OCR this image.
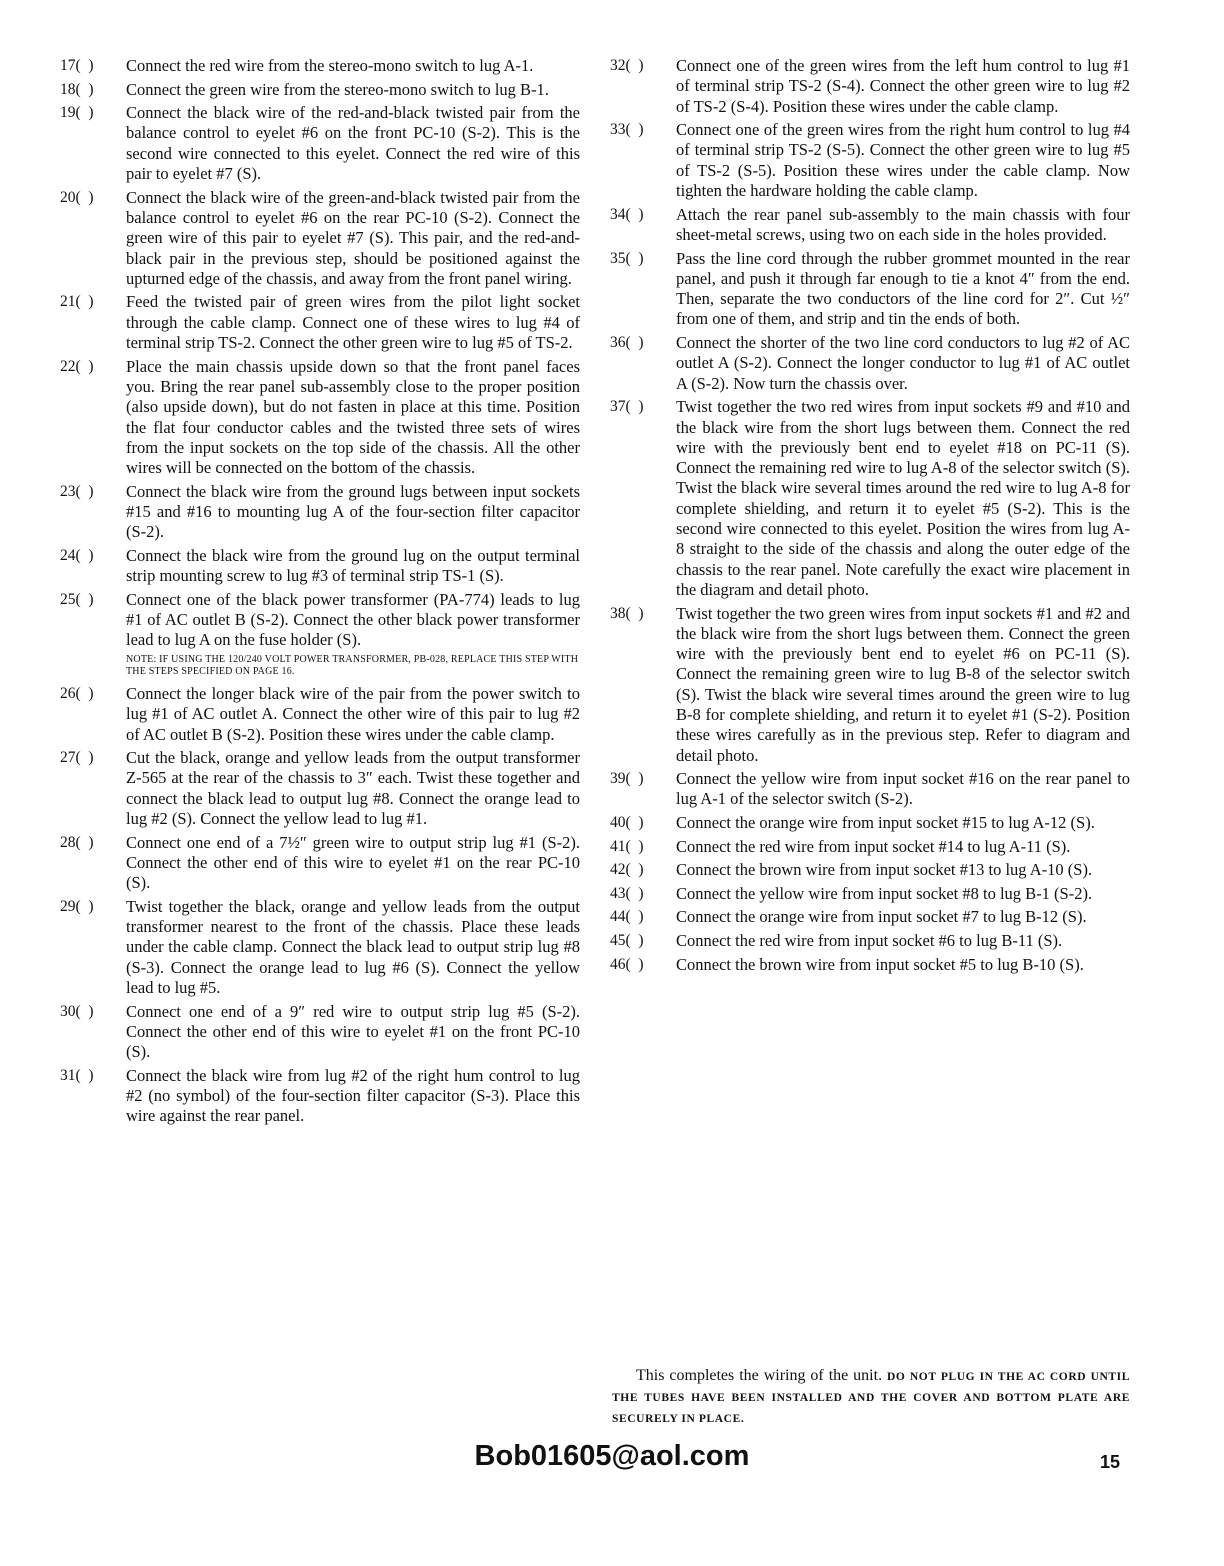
17(  )	Connect the red wire from the stereo-mono switch to lug A-1.
18(  )	Connect the green wire from the stereo-mono switch to lug B-1.
19(  )	Connect the black wire of the red-and-black twisted pair from the balance control to eyelet #6 on the front PC-10 (S-2). This is the second wire connected to this eyelet. Connect the red wire of this pair to eyelet #7 (S).
20(  )	Connect the black wire of the green-and-black twisted pair from the balance control to eyelet #6 on the rear PC-10 (S-2). Connect the green wire of this pair to eyelet #7 (S). This pair, and the red-and-black pair in the previous step, should be positioned against the upturned edge of the chassis, and away from the front panel wiring.
21(  )	Feed the twisted pair of green wires from the pilot light socket through the cable clamp. Connect one of these wires to lug #4 of terminal strip TS-2. Connect the other green wire to lug #5 of TS-2.
22(  )	Place the main chassis upside down so that the front panel faces you. Bring the rear panel sub-assembly close to the proper position (also upside down), but do not fasten in place at this time. Position the flat four conductor cables and the twisted three sets of wires from the input sockets on the top side of the chassis. All the other wires will be connected on the bottom of the chassis.
23(  )	Connect the black wire from the ground lugs between input sockets #15 and #16 to mounting lug A of the four-section filter capacitor (S-2).
24(  )	Connect the black wire from the ground lug on the output terminal strip mounting screw to lug #3 of terminal strip TS-1 (S).
25(  )	Connect one of the black power transformer (PA-774) leads to lug #1 of AC outlet B (S-2). Connect the other black power transformer lead to lug A on the fuse holder (S).
NOTE: IF USING THE 120/240 VOLT POWER TRANSFORMER, PB-028, REPLACE THIS STEP WITH THE STEPS SPECIFIED ON PAGE 16.
26(  )	Connect the longer black wire of the pair from the power switch to lug #1 of AC outlet A. Connect the other wire of this pair to lug #2 of AC outlet B (S-2). Position these wires under the cable clamp.
27(  )	Cut the black, orange and yellow leads from the output transformer Z-565 at the rear of the chassis to 3″ each. Twist these together and connect the black lead to output lug #8. Connect the orange lead to lug #2 (S). Connect the yellow lead to lug #1.
28(  )	Connect one end of a 7½″ green wire to output strip lug #1 (S-2). Connect the other end of this wire to eyelet #1 on the rear PC-10 (S).
29(  )	Twist together the black, orange and yellow leads from the output transformer nearest to the front of the chassis. Place these leads under the cable clamp. Connect the black lead to output strip lug #8 (S-3). Connect the orange lead to lug #6 (S). Connect the yellow lead to lug #5.
30(  )	Connect one end of a 9″ red wire to output strip lug #5 (S-2). Connect the other end of this wire to eyelet #1 on the front PC-10 (S).
31(  )	Connect the black wire from lug #2 of the right hum control to lug #2 (no symbol) of the four-section filter capacitor (S-3). Place this wire against the rear panel.
32(  )	Connect one of the green wires from the left hum control to lug #1 of terminal strip TS-2 (S-4). Connect the other green wire to lug #2 of TS-2 (S-4). Position these wires under the cable clamp.
33(  )	Connect one of the green wires from the right hum control to lug #4 of terminal strip TS-2 (S-5). Connect the other green wire to lug #5 of TS-2 (S-5). Position these wires under the cable clamp. Now tighten the hardware holding the cable clamp.
34(  )	Attach the rear panel sub-assembly to the main chassis with four sheet-metal screws, using two on each side in the holes provided.
35(  )	Pass the line cord through the rubber grommet mounted in the rear panel, and push it through far enough to tie a knot 4″ from the end. Then, separate the two conductors of the line cord for 2″. Cut ½″ from one of them, and strip and tin the ends of both.
36(  )	Connect the shorter of the two line cord conductors to lug #2 of AC outlet A (S-2). Connect the longer conductor to lug #1 of AC outlet A (S-2). Now turn the chassis over.
37(  )	Twist together the two red wires from input sockets #9 and #10 and the black wire from the short lugs between them. Connect the red wire with the previously bent end to eyelet #18 on PC-11 (S). Connect the remaining red wire to lug A-8 of the selector switch (S). Twist the black wire several times around the red wire to lug A-8 for complete shielding, and return it to eyelet #5 (S-2). This is the second wire connected to this eyelet. Position the wires from lug A-8 straight to the side of the chassis and along the outer edge of the chassis to the rear panel. Note carefully the exact wire placement in the diagram and detail photo.
38(  )	Twist together the two green wires from input sockets #1 and #2 and the black wire from the short lugs between them. Connect the green wire with the previously bent end to eyelet #6 on PC-11 (S). Connect the remaining green wire to lug B-8 of the selector switch (S). Twist the black wire several times around the green wire to lug B-8 for complete shielding, and return it to eyelet #1 (S-2). Position these wires carefully as in the previous step. Refer to diagram and detail photo.
39(  )	Connect the yellow wire from input socket #16 on the rear panel to lug A-1 of the selector switch (S-2).
40(  )	Connect the orange wire from input socket #15 to lug A-12 (S).
41(  )	Connect the red wire from input socket #14 to lug A-11 (S).
42(  )	Connect the brown wire from input socket #13 to lug A-10 (S).
43(  )	Connect the yellow wire from input socket #8 to lug B-1 (S-2).
44(  )	Connect the orange wire from input socket #7 to lug B-12 (S).
45(  )	Connect the red wire from input socket #6 to lug B-11 (S).
46(  )	Connect the brown wire from input socket #5 to lug B-10 (S).
This completes the wiring of the unit. DO NOT PLUG IN THE AC CORD UNTIL THE TUBES HAVE BEEN INSTALLED AND THE COVER AND BOTTOM PLATE ARE SECURELY IN PLACE.
Bob01605@aol.com	15
